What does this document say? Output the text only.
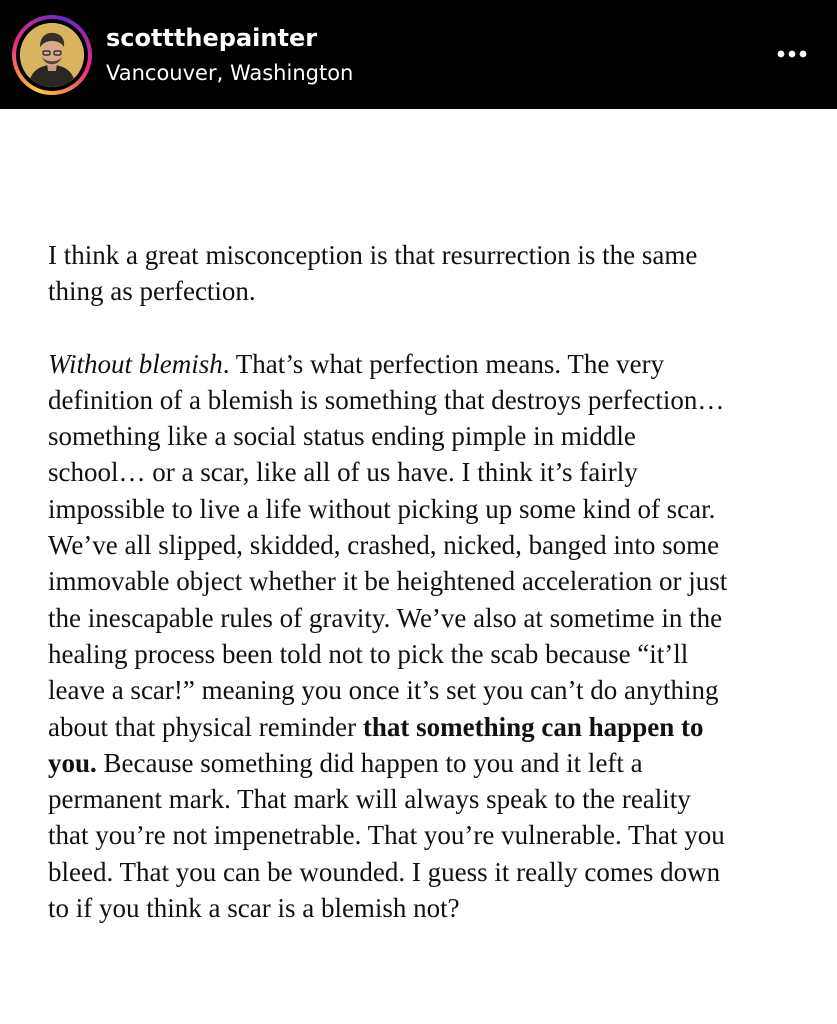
scottthepainter
Vancouver, Washington
I think a great misconception is that resurrection is the same
thing as perfection.
Without blemish. That’s what perfection means. The very
definition of a blemish is something that destroys perfection…
something like a social status ending pimple in middle
school… or a scar, like all of us have. I think it’s fairly
impossible to live a life without picking up some kind of scar.
We’ve all slipped, skidded, crashed, nicked, banged into some
immovable object whether it be heightened acceleration or just
the inescapable rules of gravity. We’ve also at sometime in the
healing process been told not to pick the scab because “it’ll
leave a scar!” meaning you once it’s set you can’t do anything
about that physical reminder that something can happen to
you. Because something did happen to you and it left a
permanent mark. That mark will always speak to the reality
that you’re not impenetrable. That you’re vulnerable. That you
bleed. That you can be wounded. I guess it really comes down
to if you think a scar is a blemish not?
